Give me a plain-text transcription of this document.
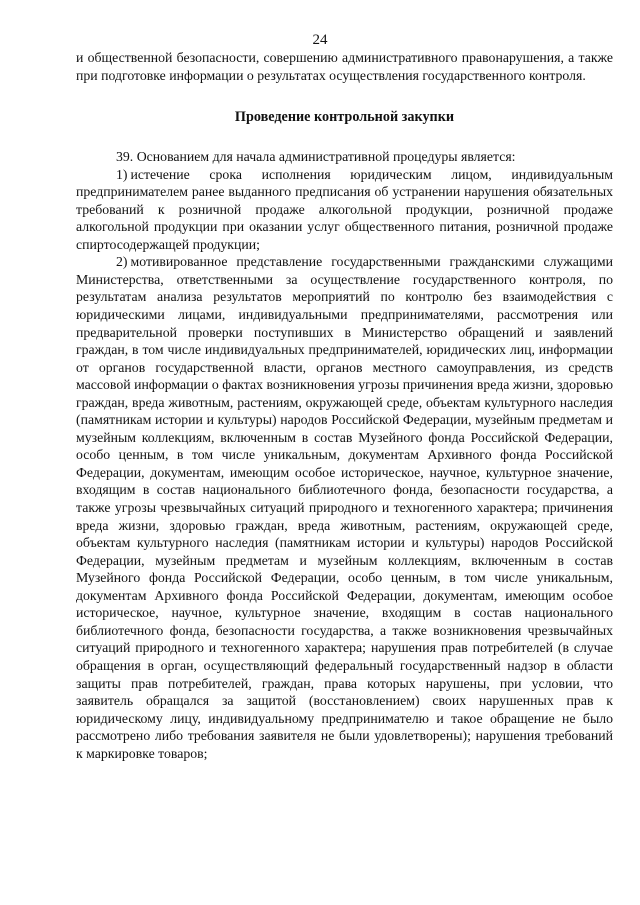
24

и общественной безопасности, совершению административного правонарушения, а также при подготовке информации о результатах осуществления государственного контроля.

Проведение контрольной закупки

39. Основанием для начала административной процедуры является:

1) истечение срока исполнения юридическим лицом, индивидуальным предпринимателем ранее выданного предписания об устранении нарушения обязательных требований к розничной продаже алкогольной продукции, розничной продаже алкогольной продукции при оказании услуг общественного питания, розничной продаже спиртосодержащей продукции;

2) мотивированное представление государственными гражданскими служащими Министерства, ответственными за осуществление государственного контроля, по результатам анализа результатов мероприятий по контролю без взаимодействия с юридическими лицами, индивидуальными предпринимателями, рассмотрения или предварительной проверки поступивших в Министерство обращений и заявлений граждан, в том числе индивидуальных предпринимателей, юридических лиц, информации от органов государственной власти, органов местного самоуправления, из средств массовой информации о фактах возникновения угрозы причинения вреда жизни, здоровью граждан, вреда животным, растениям, окружающей среде, объектам культурного наследия (памятникам истории и культуры) народов Российской Федерации, музейным предметам и музейным коллекциям, включенным в состав Музейного фонда Российской Федерации, особо ценным, в том числе уникальным, документам Архивного фонда Российской Федерации, документам, имеющим особое историческое, научное, культурное значение, входящим в состав национального библиотечного фонда, безопасности государства, а также угрозы чрезвычайных ситуаций природного и техногенного характера; причинения вреда жизни, здоровью граждан, вреда животным, растениям, окружающей среде, объектам культурного наследия (памятникам истории и культуры) народов Российской Федерации, музейным предметам и музейным коллекциям, включенным в состав Музейного фонда Российской Федерации, особо ценным, в том числе уникальным, документам Архивного фонда Российской Федерации, документам, имеющим особое историческое, научное, культурное значение, входящим в состав национального библиотечного фонда, безопасности государства, а также возникновения чрезвычайных ситуаций природного и техногенного характера; нарушения прав потребителей (в случае обращения в орган, осуществляющий федеральный государственный надзор в области защиты прав потребителей, граждан, права которых нарушены, при условии, что заявитель обращался за защитой (восстановлением) своих нарушенных прав к юридическому лицу, индивидуальному предпринимателю и такое обращение не было рассмотрено либо требования заявителя не были удовлетворены); нарушения требований к маркировке товаров;
